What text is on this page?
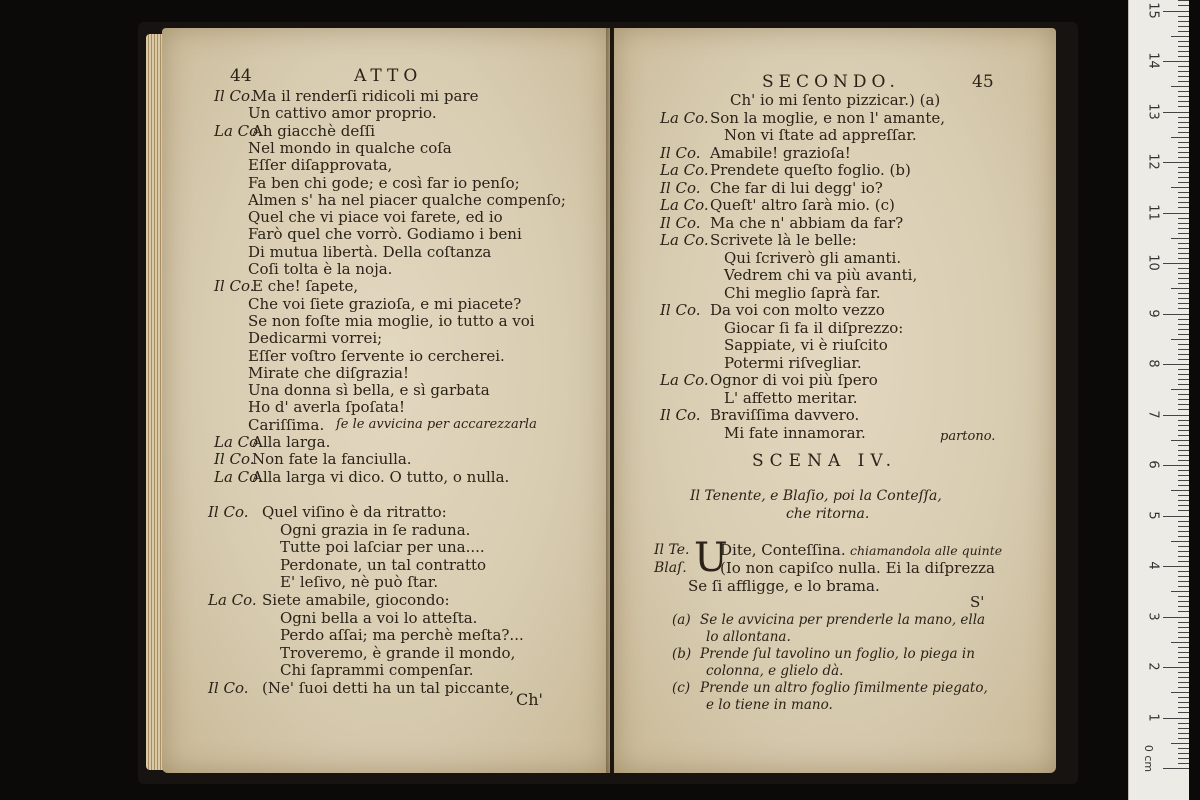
44	ATTO
Il Co.
Ma il renderſi ridicoli mi pare
Un cattivo amor proprio.
La Co.
Ah giacchè deſſi
Nel mondo in qualche coſa
Eſſer diſapprovata,
Fa ben chi gode; e così far io penſo;
Almen s' ha nel piacer qualche compenſo;
Quel che vi piace voi farete, ed io
Farò quel che vorrò. Godiamo i beni
Di mutua libertà. Della coſtanza
Coſi tolta è la noja.
Il Co.
E che! ſapete,
Che voi ſiete grazioſa, e mi piacete?
Se non foſte mia moglie, io tutto a voi
Dedicarmi vorrei;
Eſſer voſtro ſervente io cercherei.
Mirate che diſgrazia!
Una donna sì bella, e sì garbata
Ho d' averla ſpoſata!
Cariſſima. ſe le avvicina per accarezzarla
La Co
Alla larga.
Il Co.
Non fate la fanciulla.
La Co.
Alla larga vi dico. O tutto, o nulla.
Il Co. Quel viſino è da ritratto:
Ogni grazia in ſe raduna.
Tutte poi laſciar per una....
Perdonate, un tal contratto
E' leſivo, nè può ſtar.
La Co. Siete amabile, giocondo:
Ogni bella a voi lo atteſta.
Perdo aſſai; ma perchè meſta?...
Troveremo, è grande il mondo,
Chi ſaprammi compenſar.
Il Co. (Ne' ſuoi detti ha un tal piccante,
Ch'
SECONDO.	45
Ch' io mi ſento pizzicar.) (a)
La Co. Son la moglie, e non l' amante,
Non vi ſtate ad appreſſar.
Il Co. Amabile! grazioſa!
La Co. Prendete queſto foglio. (b)
Il Co. Che far di lui degg' io?
La Co. Queſt' altro ſarà mio. (c)
Il Co. Ma che n' abbiam da far?
La Co. Scrivete là le belle:
Qui ſcriverò gli amanti.
Vedrem chi va più avanti,
Chi meglio ſaprà far.
Il Co. Da voi con molto vezzo
Giocar ſi fa il diſprezzo:
Sappiate, vi è riuſcito
Potermi riſvegliar.
La Co. Ognor di voi più ſpero
L' affetto meritar.
Il Co. Braviſſima davvero.
Mi fate innamorar.	partono.
SCENA IV.
Il Tenente, e Blaſio, poi la Conteſſa,
che ritorna.
U
Il Te. Dite, Conteſſina. chiamandola alle quinte
Blaſ. (Io non capiſco nulla. Ei la diſprezza
Se ſi affligge, e lo brama.
S'
(a) Se le avvicina per prenderle la mano, ella
lo allontana.
(b) Prende ſul tavolino un foglio, lo piega in
colonna, e glielo dà.
(c) Prende un altro foglio ſimilmente piegato,
e lo tiene in mano.
0 cm
15
14
13
12
11
10
9
8
7
6
5
4
3
2
1
